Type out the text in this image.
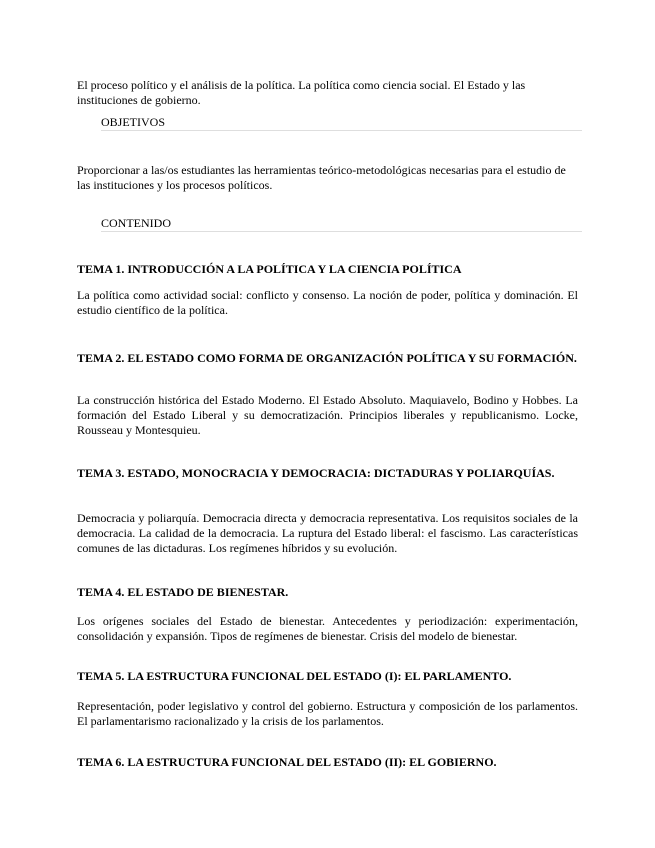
El proceso político y el análisis de la política. La política como ciencia social. El Estado y las instituciones de gobierno.

OBJETIVOS

Proporcionar a las/os estudiantes las herramientas teórico-metodológicas necesarias para el estudio de las instituciones y los procesos políticos.

CONTENIDO
TEMA 1. INTRODUCCIÓN A LA POLÍTICA Y LA CIENCIA POLÍTICA

La política como actividad social: conflicto y consenso. La noción de poder, política y dominación. El estudio científico de la política.

TEMA 2. EL ESTADO COMO FORMA DE ORGANIZACIÓN POLÍTICA Y SU FORMACIÓN.

La construcción histórica del Estado Moderno. El Estado Absoluto. Maquiavelo, Bodino y Hobbes. La formación del Estado Liberal y su democratización. Principios liberales y republicanismo. Locke, Rousseau y Montesquieu.

TEMA 3. ESTADO, MONOCRACIA Y DEMOCRACIA: DICTADURAS Y POLIARQUÍAS.

Democracia y poliarquía. Democracia directa y democracia representativa. Los requisitos sociales de la democracia. La calidad de la democracia. La ruptura del Estado liberal: el fascismo. Las características comunes de las dictaduras. Los regímenes híbridos y su evolución.

TEMA 4. EL ESTADO DE BIENESTAR.

Los orígenes sociales del Estado de bienestar. Antecedentes y periodización: experimentación, consolidación y expansión. Tipos de regímenes de bienestar. Crisis del modelo de bienestar.

TEMA 5. LA ESTRUCTURA FUNCIONAL DEL ESTADO (I): EL PARLAMENTO.

Representación, poder legislativo y control del gobierno. Estructura y composición de los parlamentos. El parlamentarismo racionalizado y la crisis de los parlamentos.

TEMA 6. LA ESTRUCTURA FUNCIONAL DEL ESTADO (II): EL GOBIERNO.
